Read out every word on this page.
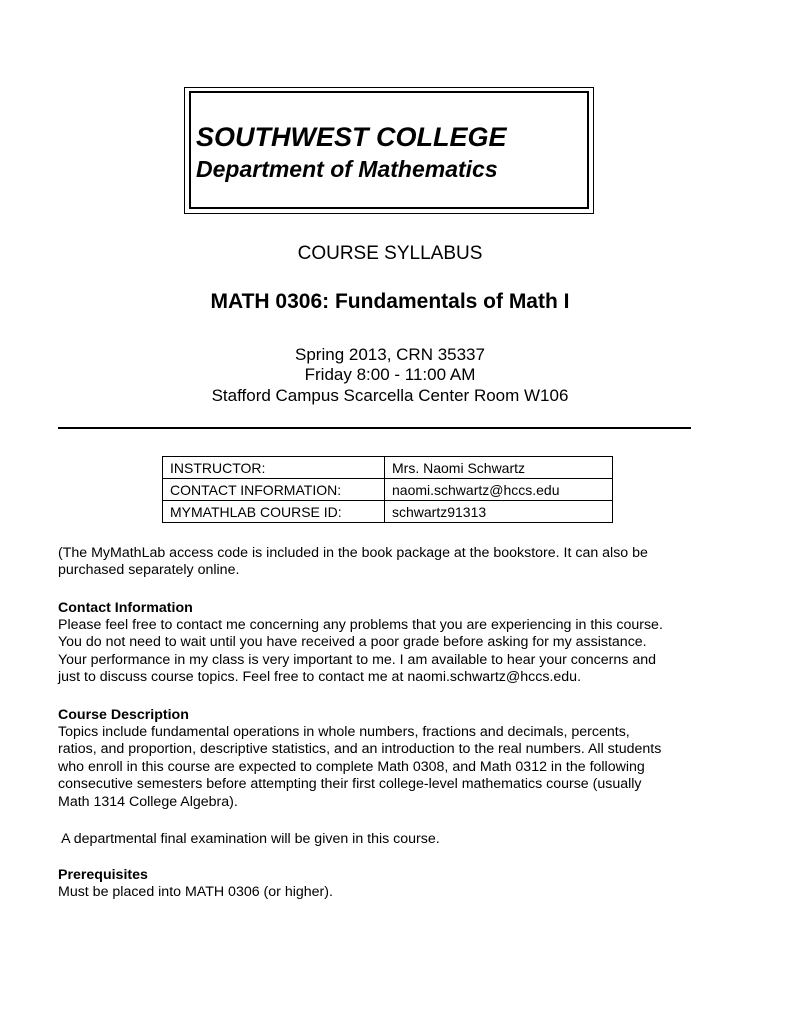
SOUTHWEST COLLEGE
Department of Mathematics
COURSE SYLLABUS
MATH 0306: Fundamentals of Math I
Spring 2013, CRN 35337
Friday 8:00 - 11:00 AM
Stafford Campus Scarcella Center Room W106
INSTRUCTOR:	Mrs. Naomi Schwartz
CONTACT INFORMATION:	naomi.schwartz@hccs.edu
MYMATHLAB COURSE ID:	schwartz91313
(The MyMathLab access code is included in the book package at the bookstore. It can also be
purchased separately online.
Contact Information
Please feel free to contact me concerning any problems that you are experiencing in this course.
You do not need to wait until you have received a poor grade before asking for my assistance.
Your performance in my class is very important to me. I am available to hear your concerns and
just to discuss course topics. Feel free to contact me at naomi.schwartz@hccs.edu.
Course Description
Topics include fundamental operations in whole numbers, fractions and decimals, percents,
ratios, and proportion, descriptive statistics, and an introduction to the real numbers. All students
who enroll in this course are expected to complete Math 0308, and Math 0312 in the following
consecutive semesters before attempting their first college-level mathematics course (usually
Math 1314 College Algebra).
A departmental final examination will be given in this course.
Prerequisites
Must be placed into MATH 0306 (or higher).
